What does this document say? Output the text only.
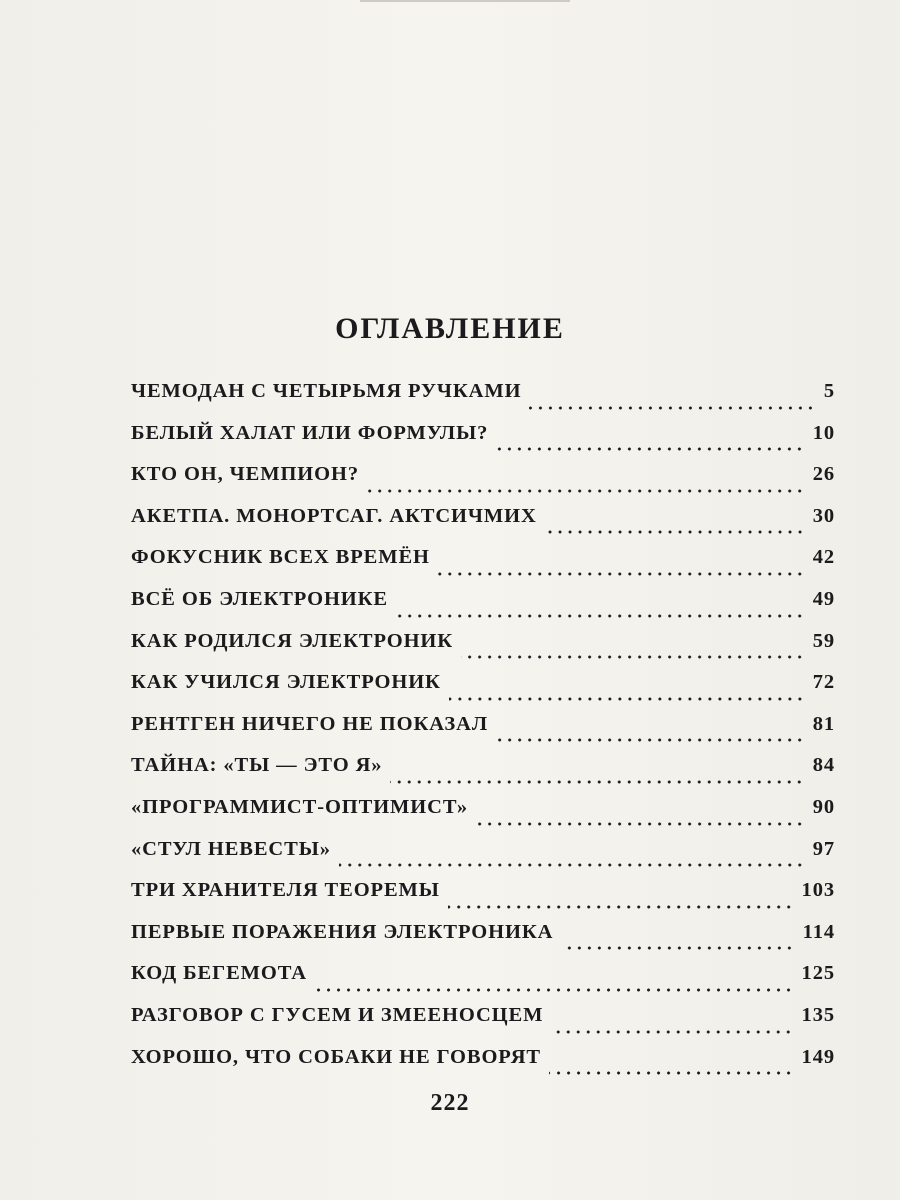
ОГЛАВЛЕНИЕ
ЧЕМОДАН С ЧЕТЫРЬМЯ РУЧКАМИ	5
БЕЛЫЙ ХАЛАТ ИЛИ ФОРМУЛЫ?	10
КТО ОН, ЧЕМПИОН?	26
АКЕТПА. МОНОРТСАГ. АКТСИЧМИХ	30
ФОКУСНИК ВСЕХ ВРЕМЁН	42
ВСЁ ОБ ЭЛЕКТРОНИКЕ	49
КАК РОДИЛСЯ ЭЛЕКТРОНИК	59
КАК УЧИЛСЯ ЭЛЕКТРОНИК	72
РЕНТГЕН НИЧЕГО НЕ ПОКАЗАЛ	81
ТАЙНА: «ТЫ — ЭТО Я»	84
«ПРОГРАММИСТ-ОПТИМИСТ»	90
«СТУЛ НЕВЕСТЫ»	97
ТРИ ХРАНИТЕЛЯ ТЕОРЕМЫ	103
ПЕРВЫЕ ПОРАЖЕНИЯ ЭЛЕКТРОНИКА	114
КОД БЕГЕМОТА	125
РАЗГОВОР С ГУСЕМ И ЗМЕЕНОСЦЕМ	135
ХОРОШО, ЧТО СОБАКИ НЕ ГОВОРЯТ	149
222
